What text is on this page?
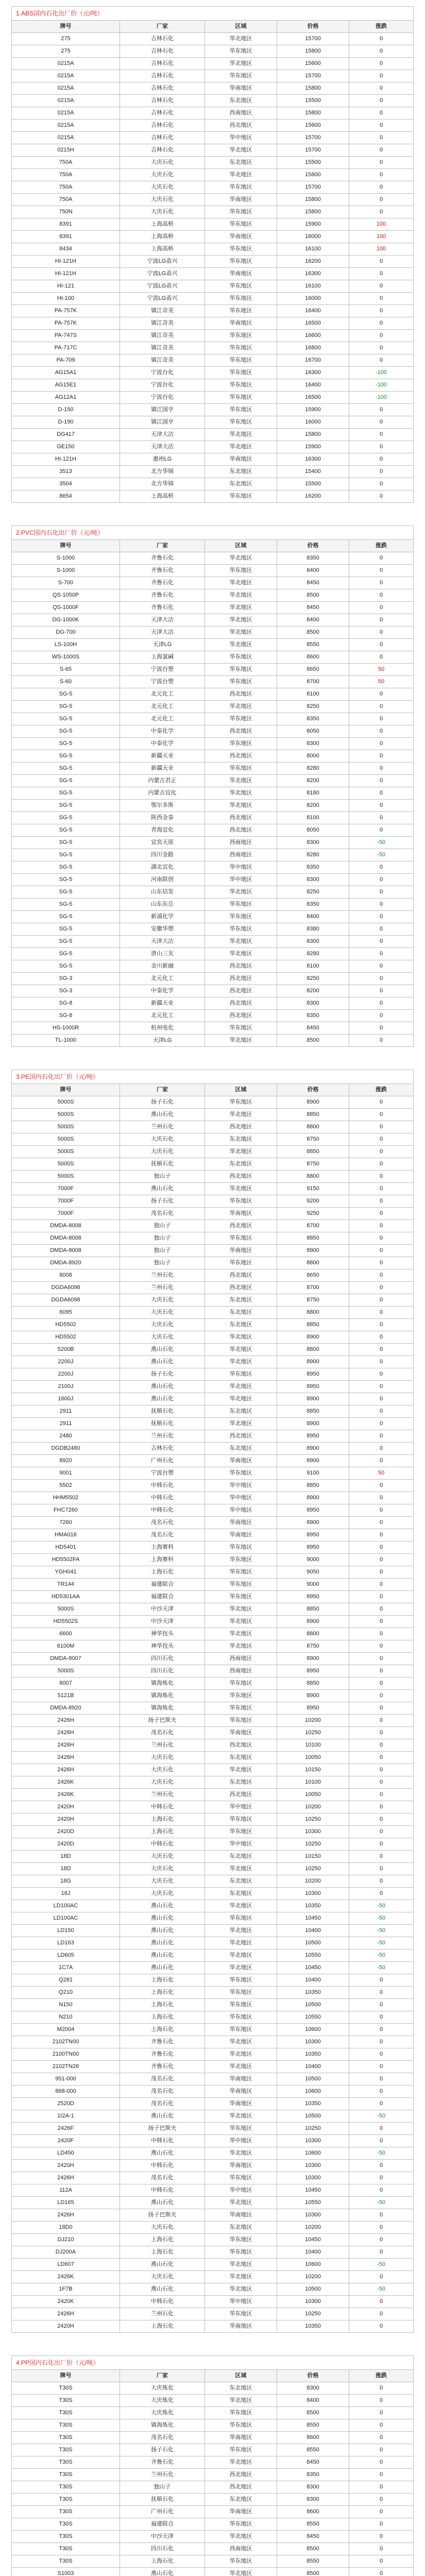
1.ABS国内石化出厂价（元/吨）
牌号	厂家	区域	价格	涨跌
275	吉林石化	华北地区	15700	0
275	吉林石化	华东地区	15800	0
0215A	吉林石化	华北地区	15600	0
0215A	吉林石化	华东地区	15700	0
0215A	吉林石化	华南地区	15800	0
0215A	吉林石化	东北地区	15500	0
0215A	吉林石化	西南地区	15800	0
0215A	吉林石化	西北地区	15600	0
0215A	吉林石化	华中地区	15700	0
0215H	吉林石化	华北地区	15700	0
750A	大庆石化	东北地区	15500	0
750A	大庆石化	华北地区	15600	0
750A	大庆石化	华东地区	15700	0
750A	大庆石化	华南地区	15800	0
750N	大庆石化	华东地区	15800	0
8391	上海高桥	华东地区	15900	100
8391	上海高桥	华南地区	16000	100
8434	上海高桥	华东地区	16100	100
HI-121H	宁波LG甬兴	华东地区	16200	0
HI-121H	宁波LG甬兴	华南地区	16300	0
HI-121	宁波LG甬兴	华东地区	16100	0
HI-100	宁波LG甬兴	华东地区	16000	0
PA-757K	镇江奇美	华东地区	16400	0
PA-757K	镇江奇美	华南地区	16500	0
PA-747S	镇江奇美	华东地区	16600	0
PA-717C	镇江奇美	华东地区	16800	0
PA-709	镇江奇美	华东地区	16700	0
AG15A1	宁波台化	华东地区	16300	-100
AG15E1	宁波台化	华东地区	16400	-100
AG12A1	宁波台化	华东地区	16500	-100
D-150	镇江国亨	华东地区	15900	0
D-190	镇江国亨	华东地区	16000	0
DG417	天津大沽	华北地区	15800	0
GE150	天津大沽	华北地区	15900	0
HI-121H	惠州LG	华南地区	16300	0
3513	北方华锦	东北地区	15400	0
3504	北方华锦	东北地区	15500	0
8654	上海高桥	华东地区	16200	0
2.PVC国内石化出厂价（元/吨）
牌号	厂家	区域	价格	涨跌
S-1000	齐鲁石化	华北地区	8350	0
S-1000	齐鲁石化	华东地区	8400	0
S-700	齐鲁石化	华北地区	8450	0
QS-1050P	齐鲁石化	华北地区	8500	0
QS-1000F	齐鲁石化	华北地区	8450	0
DG-1000K	天津大沽	华北地区	8400	0
DG-700	天津大沽	华北地区	8500	0
LS-100H	天津LG	华北地区	8550	0
WS-1000S	上海氯碱	华东地区	8600	0
S-65	宁波台塑	华东地区	8650	50
S-60	宁波台塑	华东地区	8700	50
SG-5	北元化工	西北地区	8100	0
SG-5	北元化工	华北地区	8250	0
SG-5	北元化工	华东地区	8350	0
SG-5	中泰化学	西北地区	8050	0
SG-5	中泰化学	华东地区	8300	0
SG-5	新疆天业	西北地区	8000	0
SG-5	新疆天业	华东地区	8280	0
SG-5	内蒙古君正	华北地区	8200	0
SG-5	内蒙古宜化	华北地区	8180	0
SG-5	鄂尔多斯	华北地区	8200	0
SG-5	陕西金泰	西北地区	8100	0
SG-5	青海宜化	西北地区	8050	0
SG-5	宜宾天原	西南地区	8300	-50
SG-5	四川金路	西南地区	8280	-50
SG-5	湖北宜化	华中地区	8350	0
SG-5	河南联创	华中地区	8300	0
SG-5	山东信发	华北地区	8250	0
SG-5	山东东岳	华东地区	8350	0
SG-5	新浦化学	华东地区	8400	0
SG-5	安徽华塑	华东地区	8380	0
SG-5	天津大沽	华北地区	8300	0
SG-5	唐山三友	华北地区	8280	0
SG-5	金川新融	西北地区	8100	0
SG-3	北元化工	西北地区	8250	0
SG-3	中泰化学	西北地区	8200	0
SG-8	新疆天业	西北地区	8300	0
SG-8	北元化工	西北地区	8350	0
HS-1000R	杭州电化	华东地区	8450	0
TL-1000	天津LG	华北地区	8500	0
3.PE国内石化出厂价（元/吨）
牌号	厂家	区域	价格	涨跌
5000S	扬子石化	华东地区	8900	0
5000S	燕山石化	华北地区	8850	0
5000S	兰州石化	西北地区	8800	0
5000S	大庆石化	东北地区	8750	0
5000S	大庆石化	华北地区	8850	0
5000S	抚顺石化	东北地区	8750	0
5000S	独山子	西北地区	8800	0
7000F	燕山石化	华北地区	9150	0
7000F	扬子石化	华东地区	9200	0
7000F	茂名石化	华南地区	9250	0
DMDA-8008	独山子	西北地区	8700	0
DMDA-8008	独山子	华东地区	8850	0
DMDA-8008	独山子	华南地区	8900	0
DMDA-8920	独山子	华东地区	8800	0
8008	兰州石化	西北地区	8650	0
DGDA6098	兰州石化	西北地区	8700	0
DGDA6098	大庆石化	东北地区	8750	0
6095	大庆石化	东北地区	8800	0
HD5502	大庆石化	东北地区	8850	0
HD5502	大庆石化	华北地区	8900	0
5200B	燕山石化	华北地区	8800	0
2200J	燕山石化	华北地区	8900	0
2200J	扬子石化	华东地区	8950	0
2100J	燕山石化	华北地区	8950	0
1600J	燕山石化	华北地区	8900	0
2911	抚顺石化	东北地区	8850	0
2911	抚顺石化	华北地区	8900	0
2480	兰州石化	西北地区	8950	0
DGDB2480	吉林石化	东北地区	8900	0
8920	广州石化	华南地区	8900	0
9001	宁波台塑	华东地区	9100	50
5502	中韩石化	华中地区	8850	0
HHM5502	中韩石化	华中地区	8900	0
FHC7260	中韩石化	华中地区	8950	0
7260	茂名石化	华南地区	8900	0
HMA016	茂名石化	华南地区	8950	0
HD5401	上海赛科	华东地区	8950	0
HD5502FA	上海赛科	华东地区	9000	0
YGH041	上海石化	华东地区	9050	0
TR144	福建联合	华东地区	9000	0
HD5301AA	福建联合	华东地区	8950	0
5000S	中沙天津	华北地区	8850	0
HD5502S	中沙天津	华北地区	8900	0
6600	神华包头	华北地区	8800	0
6100M	神华包头	华北地区	8750	0
DMDA-8007	四川石化	西南地区	8900	0
5000S	四川石化	西南地区	8950	0
8007	镇海炼化	华东地区	8850	0
5121B	镇海炼化	华东地区	8900	0
DMDA-8920	镇海炼化	华东地区	8950	0
2426H	扬子巴斯夫	华东地区	10200	0
2426H	茂名石化	华南地区	10250	0
2426H	兰州石化	西北地区	10100	0
2426H	大庆石化	东北地区	10050	0
2426H	大庆石化	华北地区	10150	0
2426K	大庆石化	东北地区	10100	0
2426K	兰州石化	西北地区	10050	0
2420H	中韩石化	华中地区	10200	0
2420H	上海石化	华东地区	10250	0
2420D	上海石化	华东地区	10300	0
2420D	中韩石化	华中地区	10250	0
18D	大庆石化	东北地区	10150	0
18D	大庆石化	华北地区	10250	0
18G	大庆石化	东北地区	10200	0
18J	大庆石化	东北地区	10300	0
LD100AC	燕山石化	华北地区	10350	-50
LD100AC	燕山石化	华东地区	10450	-50
LD150	燕山石化	华北地区	10400	-50
LD163	燕山石化	华北地区	10500	-50
LD605	燕山石化	华北地区	10550	-50
1C7A	燕山石化	华北地区	10450	-50
Q281	上海石化	华东地区	10400	0
Q210	上海石化	华东地区	10350	0
N150	上海石化	华东地区	10500	0
N210	上海石化	华东地区	10550	0
M2004	上海石化	华东地区	10600	0
2102TN00	齐鲁石化	华北地区	10300	0
2100TN00	齐鲁石化	华北地区	10350	0
2102TN26	齐鲁石化	华北地区	10400	0
951-000	茂名石化	华南地区	10500	0
868-000	茂名石化	华南地区	10600	0
2520D	茂名石化	华南地区	10350	0
1I2A-1	燕山石化	华北地区	10500	-50
2426F	扬子巴斯夫	华东地区	10250	0
2420F	中韩石化	华中地区	10300	0
LD450	燕山石化	华北地区	10600	-50
2420H	中韩石化	华南地区	10300	0
2426H	茂名石化	华东地区	10300	0
112A	中韩石化	华中地区	10450	0
LD165	燕山石化	华北地区	10550	-50
2426H	扬子巴斯夫	华南地区	10300	0
18D0	大庆石化	东北地区	10200	0
DJ210	上海石化	华东地区	10450	0
DJ200A	上海石化	华东地区	10400	0
LD607	燕山石化	华北地区	10600	-50
2426K	大庆石化	华北地区	10200	0
1F7B	燕山石化	华北地区	10500	-50
2420K	中韩石化	华中地区	10300	0
2426H	兰州石化	华东地区	10250	0
2420H	上海石化	华南地区	10350	0
4.PP国内石化出厂价（元/吨）
牌号	厂家	区域	价格	涨跌
T30S	大庆炼化	东北地区	8300	0
T30S	大庆炼化	华北地区	8400	0
T30S	大庆炼化	华东地区	8500	0
T30S	镇海炼化	华东地区	8550	0
T30S	茂名石化	华南地区	8600	0
T30S	扬子石化	华东地区	8550	0
T30S	齐鲁石化	华北地区	8450	0
T30S	兰州石化	西北地区	8350	0
T30S	独山子	西北地区	8300	0
T30S	抚顺石化	东北地区	8300	0
T30S	广州石化	华南地区	8600	0
T30S	福建联合	华东地区	8550	0
T30S	中沙天津	华北地区	8450	0
T30S	四川石化	西南地区	8500	0
T30S	上海石化	华东地区	8550	0
S1003	燕山石化	华北地区	8500	0
